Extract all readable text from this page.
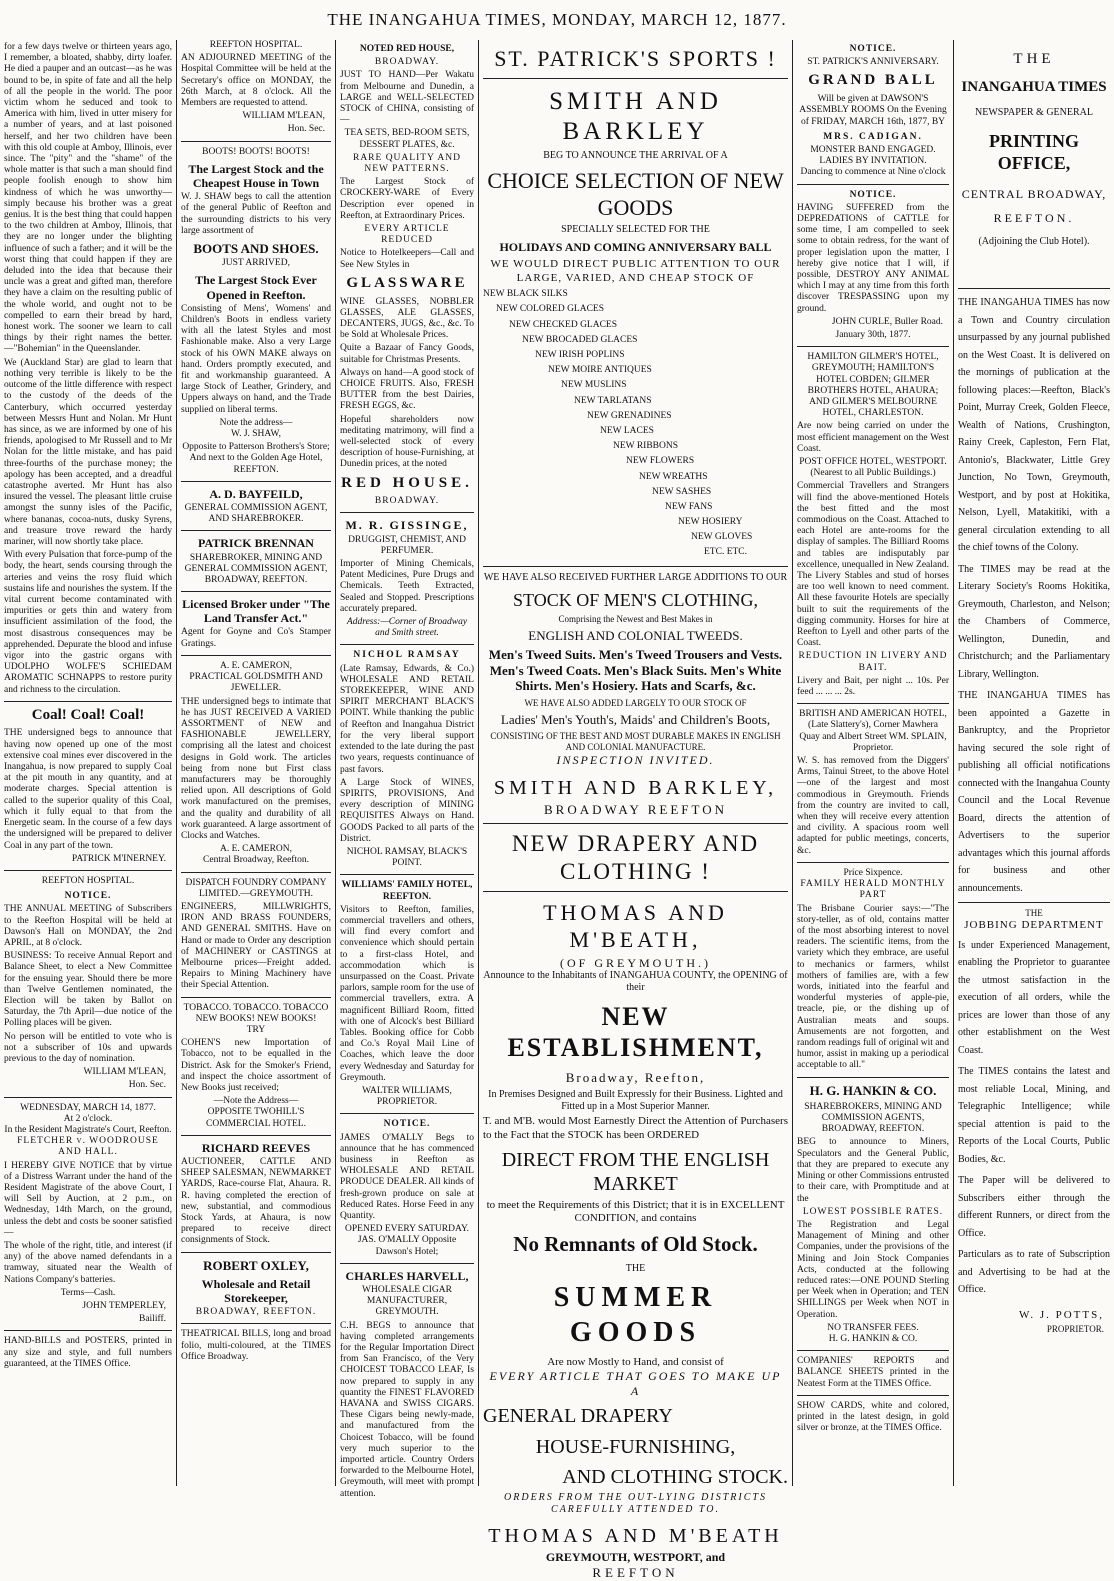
THE INANGAHUA TIMES, MONDAY, MARCH 12, 1877.

for a few days twelve or thirteen years ago, I remember, a bloated, shabby, dirty loafer. He died a pauper and an outcast—as he was bound to be, in spite of fate and all the help of all the people in the world. The poor victim whom he seduced and took to America with him, lived in utter misery for a number of years, and at last poisoned herself, and her two children have been with this old couple at Amboy, Illinois, ever since. The "pity" and the "shame" of the whole matter is that such a man should find people foolish enough to show him kindness of which he was unworthy—simply because his brother was a great genius. It is the best thing that could happen to the two children at Amboy, Illinois, that they are no longer under the blighting influence of such a father; and it will be the worst thing that could happen if they are deluded into the idea that because their uncle was a great and gifted man, therefore they have a claim on the resulting public of the whole world, and ought not to be compelled to earn their bread by hard, honest work. The sooner we learn to call things by their right names the better.—"Bohemian" in the Queenslander.

We (Auckland Star) are glad to learn that nothing very terrible is likely to be the outcome of the little difference with respect to the custody of the deeds of the Canterbury, which occurred yesterday between Messrs Hunt and Nolan. Mr Hunt has since, as we are informed by one of his friends, apologised to Mr Russell and to Mr Nolan for the little mistake, and has paid three-fourths of the purchase money; the apology has been accepted, and a dreadful catastrophe averted. Mr Hunt has also insured the vessel. The pleasant little cruise amongst the sunny isles of the Pacific, where bananas, cocoa-nuts, dusky Syrens, and treasure trove reward the hardy mariner, will now shortly take place.

With every Pulsation that force-pump of the body, the heart, sends coursing through the arteries and veins the rosy fluid which sustains life and nourishes the system. If the vital current become contaminated with impurities or gets thin and watery from insufficient assimilation of the food, the most disastrous consequences may be apprehended. Depurate the blood and infuse vigor into the gastric organs with UDOLPHO WOLFE'S SCHIEDAM AROMATIC SCHNAPPS to restore purity and richness to the circulation.

Coal! Coal! Coal!

THE undersigned begs to announce that having now opened up one of the most extensive coal mines ever discovered in the Inangahua, is now prepared to supply Coal at the pit mouth in any quantity, and at moderate charges. Special attention is called to the superior quality of this Coal, which it fully equal to that from the Energetic seam. In the course of a few days the undersigned will be prepared to deliver Coal in any part of the town.

PATRICK M'INERNEY.
REEFTON HOSPITAL.
NOTICE.

THE ANNUAL MEETING of Subscribers to the Reefton Hospital will be held at Dawson's Hall on MONDAY, the 2nd APRIL, at 8 o'clock.

BUSINESS: To receive Annual Report and Balance Sheet, to elect a New Committee for the ensuing year. Should there be more than Twelve Gentlemen nominated, the Election will be taken by Ballot on Saturday, the 7th April—due notice of the Polling places will be given.

No person will be entitled to vote who is not a subscriber of 10s and upwards previous to the day of nomination.

WILLIAM M'LEAN,
Hon. Sec.
WEDNESDAY, MARCH 14, 1877.
At 2 o'clock.
In the Resident Magistrate's Court, Reefton.
FLETCHER v. WOODROUSE AND HALL.

I HEREBY GIVE NOTICE that by virtue of a Distress Warrant under the hand of the Resident Magistrate of the above Court, I will Sell by Auction, at 2 p.m., on Wednesday, 14th March, on the ground, unless the debt and costs be sooner satisfied—

The whole of the right, title, and interest (if any) of the above named defendants in a tramway, situated near the Wealth of Nations Company's batteries.

Terms—Cash.
JOHN TEMPERLEY,
Bailiff.

HAND-BILLS and POSTERS, printed in any size and style, and full numbers guaranteed, at the TIMES Office.

REEFTON HOSPITAL.

AN ADJOURNED MEETING of the Hospital Committee will be held at the Secretary's office on MONDAY, the 26th March, at 8 o'clock. All the Members are requested to attend.

WILLIAM M'LEAN,
Hon. Sec.
BOOTS! BOOTS! BOOTS!
The Largest Stock and the Cheapest House in Town

W. J. SHAW begs to call the attention of the general Public of Reefton and the surrounding districts to his very large assortment of

BOOTS AND SHOES.
JUST ARRIVED,
The Largest Stock Ever Opened in Reefton.

Consisting of Mens', Womens' and Children's Boots in endless variety with all the latest Styles and most Fashionable make. Also a very Large stock of his OWN MAKE always on hand. Orders promptly executed, and fit and workmanship guaranteed. A large Stock of Leather, Grindery, and Uppers always on hand, and the Trade supplied on liberal terms.

Note the address—
W. J. SHAW,

Opposite to Patterson Brothers's Store; And next to the Golden Age Hotel, REEFTON.

A. D. BAYFEILD,

GENERAL COMMISSION AGENT, AND SHAREBROKER.

PATRICK BRENNAN

SHAREBROKER, MINING AND GENERAL COMMISSION AGENT, BROADWAY, REEFTON.

Licensed Broker under "The Land Transfer Act."

Agent for Goyne and Co's Stamper Gratings.

A. E. CAMERON,
PRACTICAL GOLDSMITH AND JEWELLER.

THE undersigned begs to intimate that he has JUST RECEIVED A VARIED ASSORTMENT of NEW and FASHIONABLE JEWELLERY, comprising all the latest and choicest designs in Gold work. The articles being from none but First class manufacturers may be thoroughly relied upon. All descriptions of Gold work manufactured on the premises, and the quality and durability of all work guaranteed. A large assortment of Clocks and Watches.

A. E. CAMERON,
Central Broadway, Reefton.
DISPATCH FOUNDRY COMPANY LIMITED.—GREYMOUTH.

ENGINEERS, MILLWRIGHTS, IRON AND BRASS FOUNDERS, AND GENERAL SMITHS. Have on Hand or made to Order any description of MACHINERY or CASTINGS at Melbourne prices—Freight added. Repairs to Mining Machinery have their Special Attention.

TOBACCO. TOBACCO. TOBACCO
NEW BOOKS! NEW BOOKS!
TRY

COHEN'S new Importation of Tobacco, not to be equalled in the District. Ask for the Smoker's Friend, and inspect the choice assortment of New Books just received;

—Note the Address—
OPPOSITE TWOHILL'S COMMERCIAL HOTEL.
RICHARD REEVES

AUCTIONEER, CATTLE AND SHEEP SALESMAN, NEWMARKET YARDS, Race-course Flat, Ahaura. R. R. having completed the erection of new, substantial, and commodious Stock Yards, at Ahaura, is now prepared to receive direct consignments of Stock.

ROBERT OXLEY,
Wholesale and Retail Storekeeper,
BROADWAY, REEFTON.

THEATRICAL BILLS, long and broad folio, multi-coloured, at the TIMES Office Broadway.

NOTED RED HOUSE,
BROADWAY.

JUST TO HAND—Per Wakatu from Melbourne and Dunedin, a LARGE and WELL-SELECTED STOCK of CHINA, consisting of—

TEA SETS, BED-ROOM SETS, DESSERT PLATES, &c.

RARE QUALITY AND NEW PATTERNS.

The Largest Stock of CROCKERY-WARE of Every Description ever opened in Reefton, at Extraordinary Prices.

EVERY ARTICLE REDUCED

Notice to Hotelkeepers—Call and See New Styles in

GLASSWARE

WINE GLASSES, NOBBLER GLASSES, ALE GLASSES, DECANTERS, JUGS, &c., &c. To be Sold at Wholesale Prices.

Quite a Bazaar of Fancy Goods, suitable for Christmas Presents.

Always on hand—A good stock of CHOICE FRUITS. Also, FRESH BUTTER from the best Dairies, FRESH EGGS, &c.

Hopeful shareholders now meditating matrimony, will find a well-selected stock of every description of house-Furnishing, at Dunedin prices, at the noted

RED HOUSE.
BROADWAY.
M. R. GISSINGE,
DRUGGIST, CHEMIST, AND PERFUMER.

Importer of Mining Chemicals, Patent Medicines, Pure Drugs and Chemicals. Teeth Extracted, Sealed and Stopped. Prescriptions accurately prepared.

Address:—Corner of Broadway and Smith street.

NICHOL RAMSAY

(Late Ramsay, Edwards, & Co.) WHOLESALE AND RETAIL STOREKEEPER, WINE AND SPIRIT MERCHANT BLACK'S POINT. While thanking the public of Reefton and Inangahua District for the very liberal support extended to the late during the past two years, requests continuance of past favors.

A Large Stock of WINES, SPIRITS, PROVISIONS, And every description of MINING REQUISITES Always on Hand. GOODS Packed to all parts of the District.

NICHOL RAMSAY, BLACK'S POINT.
WILLIAMS' FAMILY HOTEL, REEFTON.

Visitors to Reefton, families, commercial travellers and others, will find every comfort and convenience which should pertain to a first-class Hotel, and accommodation which is unsurpassed on the Coast. Private parlors, sample room for the use of commercial travellers, extra. A magnificent Billiard Room, fitted with one of Alcock's best Billiard Tables. Booking office for Cobb and Co.'s Royal Mail Line of Coaches, which leave the door every Wednesday and Saturday for Greymouth.

WALTER WILLIAMS, PROPRIETOR.
NOTICE.

JAMES O'MALLY Begs to announce that he has commenced business in Reefton as WHOLESALE AND RETAIL PRODUCE DEALER. All kinds of fresh-grown produce on sale at Reduced Rates. Horse Feed in any Quantity.

OPENED EVERY SATURDAY.
JAS. O'MALLY Opposite Dawson's Hotel;
CHARLES HARVELL,

WHOLESALE CIGAR MANUFACTURER, GREYMOUTH.

C.H. BEGS to announce that having completed arrangements for the Regular Importation Direct from San Francisco, of the Very CHOICEST TOBACCO LEAF, Is now prepared to supply in any quantity the FINEST FLAVORED HAVANA and SWISS CIGARS. These Cigars being newly-made, and manufactured from the Choicest Tobacco, will be found very much superior to the imported article. Country Orders forwarded to the Melbourne Hotel, Greymouth, will meet with prompt attention.

ST. PATRICK'S SPORTS !
SMITH AND BARKLEY
BEG TO ANNOUNCE THE ARRIVAL OF A
CHOICE SELECTION OF NEW GOODS
SPECIALLY SELECTED FOR THE
HOLIDAYS AND COMING ANNIVERSARY BALL

WE WOULD DIRECT PUBLIC ATTENTION TO OUR LARGE, VARIED, AND CHEAP STOCK OF

NEW BLACK SILKS
NEW COLORED GLACES
NEW CHECKED GLACES
NEW BROCADED GLACES
NEW IRISH POPLINS
NEW MOIRE ANTIQUES
NEW MUSLINS
NEW TARLATANS
NEW GRENADINES
NEW LACES
NEW RIBBONS
NEW FLOWERS
NEW WREATHS
NEW SASHES
NEW FANS
NEW HOSIERY
NEW GLOVES
ETC. ETC.
WE HAVE ALSO RECEIVED FURTHER LARGE ADDITIONS TO OUR
STOCK OF MEN'S CLOTHING,
Comprising the Newest and Best Makes in
ENGLISH AND COLONIAL TWEEDS.
Men's Tweed Suits. Men's Tweed Trousers and Vests. Men's Tweed Coats. Men's Black Suits. Men's White Shirts. Men's Hosiery. Hats and Scarfs, &c.
WE HAVE ALSO ADDED LARGELY TO OUR STOCK OF
Ladies' Men's Youth's, Maids' and Children's Boots,
CONSISTING OF THE BEST AND MOST DURABLE MAKES IN ENGLISH AND COLONIAL MANUFACTURE.
INSPECTION INVITED.
SMITH AND BARKLEY,
BROADWAY REEFTON
NEW DRAPERY AND CLOTHING !
THOMAS AND M'BEATH,
(OF GREYMOUTH.)
Announce to the Inhabitants of INANGAHUA COUNTY, the OPENING of their
NEW ESTABLISHMENT,
Broadway, Reefton,

In Premises Designed and Built Expressly for their Business. Lighted and Fitted up in a Most Superior Manner.

T. and M'B. would Most Earnestly Direct the Attention of Purchasers to the Fact that the STOCK has been ORDERED

DIRECT FROM THE ENGLISH MARKET

to meet the Requirements of this District; that it is in EXCELLENT CONDITION, and contains

No Remnants of Old Stock.
THE
SUMMER GOODS
Are now Mostly to Hand, and consist of
EVERY ARTICLE THAT GOES TO MAKE UP A
GENERAL DRAPERY
HOUSE-FURNISHING,
AND CLOTHING STOCK.
ORDERS FROM THE OUT-LYING DISTRICTS CAREFULLY ATTENDED TO.
THOMAS AND M'BEATH
GREYMOUTH, WESTPORT, and
REEFTON
NOTICE.
ST. PATRICK'S ANNIVERSARY.
GRAND BALL

Will be given at DAWSON'S ASSEMBLY ROOMS On the Evening of FRIDAY, MARCH 16th, 1877, BY

MRS. CADIGAN.
MONSTER BAND ENGAGED.
LADIES BY INVITATION.
Dancing to commence at Nine o'clock
NOTICE.

HAVING SUFFERED from the DEPREDATIONS of CATTLE for some time, I am compelled to seek some to obtain redress, for the want of proper legislation upon the matter, I hereby give notice that I will, if possible, DESTROY ANY ANIMAL which I may at any time from this forth discover TRESPASSING upon my ground.

JOHN CURLE, Buller Road.
January 30th, 1877.

HAMILTON GILMER'S HOTEL, GREYMOUTH; HAMILTON'S HOTEL COBDEN; GILMER BROTHERS HOTEL, AHAURA; AND GILMER'S MELBOURNE HOTEL, CHARLESTON.

Are now being carried on under the most efficient management on the West Coast.

POST OFFICE HOTEL, WESTPORT. (Nearest to all Public Buildings.)

Commercial Travellers and Strangers will find the above-mentioned Hotels the best fitted and the most commodious on the Coast. Attached to each Hotel are ante-rooms for the display of samples. The Billiard Rooms and tables are indisputably par excellence, unequalled in New Zealand. The Livery Stables and stud of horses are too well known to need comment. All these favourite Hotels are specially built to suit the requirements of the digging community. Horses for hire at Reefton to Lyell and other parts of the Coast.

REDUCTION IN LIVERY AND BAIT.

Livery and Bait, per night ... 10s. Per feed ... ... ... 2s.

BRITISH AND AMERICAN HOTEL, (Late Slattery's), Corner Mawhera Quay and Albert Street WM. SPLAIN, Proprietor.

W. S. has removed from the Diggers' Arms, Tainui Street, to the above Hotel—one of the largest and most commodious in Greymouth. Friends from the country are invited to call, when they will receive every attention and civility. A spacious room well adapted for public meetings, concerts, &c.

Price Sixpence.
FAMILY HERALD MONTHLY PART

The Brisbane Courier says:—"The story-teller, as of old, contains matter of the most absorbing interest to novel readers. The scientific items, from the variety which they embrace, are useful to mechanics or farmers, whilst mothers of families are, with a few words, initiated into the fearful and wonderful mysteries of apple-pie, treacle, pie, or the dishing up of Australian meats and soups. Amusements are not forgotten, and random readings full of original wit and humor, assist in making up a periodical acceptable to all."

H. G. HANKIN & CO.

SHAREBROKERS, MINING AND COMMISSION AGENTS, BROADWAY, REEFTON.

BEG to announce to Miners, Speculators and the General Public, that they are prepared to execute any Mining or other Commissions entrusted to their care, with Promptitude and at the

LOWEST POSSIBLE RATES.

The Registration and Legal Management of Mining and other Companies, under the provisions of the Mining and Join Stock Companies Acts, conducted at the following reduced rates:—ONE POUND Sterling per Week when in Operation; and TEN SHILLINGS per Week when NOT in Operation.

NO TRANSFER FEES.
H. G. HANKIN & CO.

COMPANIES' REPORTS and BALANCE SHEETS printed in the Neatest Form at the TIMES Office.

SHOW CARDS, white and colored, printed in the latest design, in gold silver or bronze, at the TIMES Office.

THE
INANGAHUA TIMES
NEWSPAPER & GENERAL
PRINTING OFFICE,
CENTRAL BROADWAY,
REEFTON.
(Adjoining the Club Hotel).

THE INANGAHUA TIMES has now a Town and Country circulation unsurpassed by any journal published on the West Coast. It is delivered on the mornings of publication at the following places:—Reefton, Black's Point, Murray Creek, Golden Fleece, Wealth of Nations, Crushington, Rainy Creek, Capleston, Fern Flat, Antonio's, Blackwater, Little Grey Junction, No Town, Greymouth, Westport, and by post at Hokitika, Nelson, Lyell, Matakitiki, with a general circulation extending to all the chief towns of the Colony.

The TIMES may be read at the Literary Society's Rooms Hokitika, Greymouth, Charleston, and Nelson; the Chambers of Commerce, Wellington, Dunedin, and Christchurch; and the Parliamentary Library, Wellington.

THE INANGAHUA TIMES has been appointed a Gazette in Bankruptcy, and the Proprietor having secured the sole right of publishing all official notifications connected with the Inangahua County Council and the Local Revenue Board, directs the attention of Advertisers to the superior advantages which this journal affords for business and other announcements.

THE
JOBBING DEPARTMENT

Is under Experienced Management, enabling the Proprietor to guarantee the utmost satisfaction in the execution of all orders, while the prices are lower than those of any other establishment on the West Coast.

The TIMES contains the latest and most reliable Local, Mining, and Telegraphic Intelligence; while special attention is paid to the Reports of the Local Courts, Public Bodies, &c.

The Paper will be delivered to Subscribers either through the different Runners, or direct from the Office.

Particulars as to rate of Subscription and Advertising to be had at the Office.

W. J. POTTS,
PROPRIETOR.
